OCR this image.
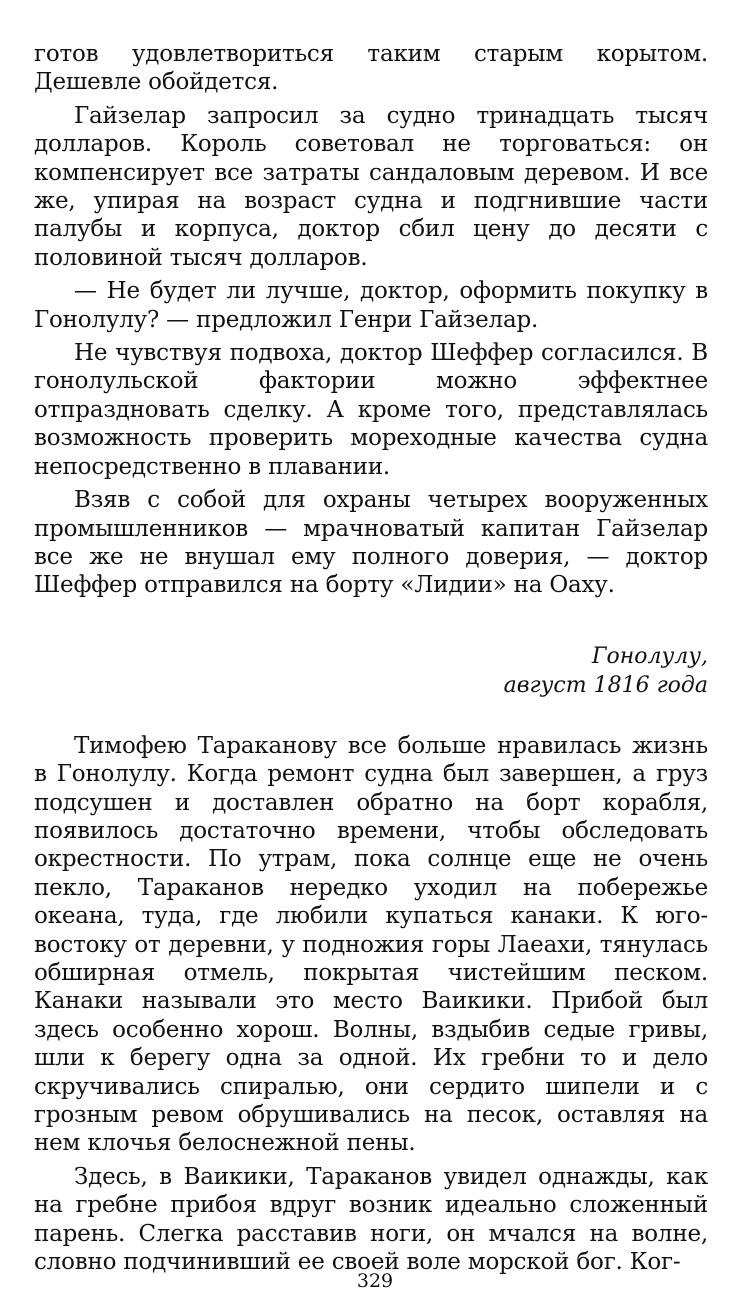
готов удовлетвориться таким старым корытом. Дешевле обойдется.

Гайзелар запросил за судно тринадцать тысяч долларов. Король советовал не торговаться: он компенсирует все затраты сандаловым деревом. И все же, упирая на возраст судна и подгнившие части палубы и корпуса, доктор сбил цену до десяти с половиной тысяч долларов.

— Не будет ли лучше, доктор, оформить покупку в Гонолулу? — предложил Генри Гайзелар.

Не чувствуя подвоха, доктор Шеффер согласился. В гонолульской фактории можно эффектнее отпраздновать сделку. А кроме того, представлялась возможность проверить мореходные качества судна непосредственно в плавании.

Взяв с собой для охраны четырех вооруженных промышленников — мрачноватый капитан Гайзелар все же не внушал ему полного доверия, — доктор Шеффер отправился на борту «Лидии» на Оаху.

Гонолулу,
август 1816 года

Тимофею Тараканову все больше нравилась жизнь в Гонолулу. Когда ремонт судна был завершен, а груз подсушен и доставлен обратно на борт корабля, появилось достаточно времени, чтобы обследовать окрестности. По утрам, пока солнце еще не очень пекло, Тараканов нередко уходил на побережье океана, туда, где любили купаться канаки. К юго-востоку от деревни, у подножия горы Лаеахи, тянулась обширная отмель, покрытая чистейшим песком. Канаки называли это место Ваикики. Прибой был здесь особенно хорош. Волны, вздыбив седые гривы, шли к берегу одна за одной. Их гребни то и дело скручивались спиралью, они сердито шипели и с грозным ревом обрушивались на песок, оставляя на нем клочья белоснежной пены.

Здесь, в Ваикики, Тараканов увидел однажды, как на гребне прибоя вдруг возник идеально сложенный парень. Слегка расставив ноги, он мчался на волне, словно подчинивший ее своей воле морской бог. Ког-

329
